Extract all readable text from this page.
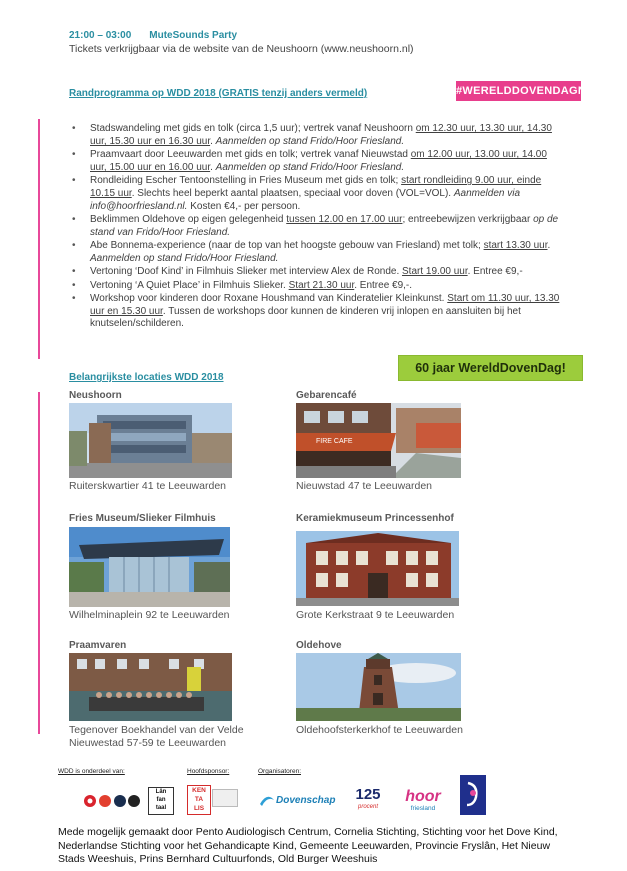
21:00 – 03:00 MuteSounds Party
Tickets verkrijgbaar via de website van de Neushoorn (www.neushoorn.nl)
#WERELDDOVENDAGNL
Randprogramma op WDD 2018 (GRATIS tenzij anders vermeld)
• Stadswandeling met gids en tolk (circa 1,5 uur); vertrek vanaf Neushoorn om 12.30 uur, 13.30 uur, 14.30 uur, 15.30 uur en 16.30 uur. Aanmelden op stand Frido/Hoor Friesland.
• Praamvaart door Leeuwarden met gids en tolk; vertrek vanaf Nieuwstad om 12.00 uur, 13.00 uur, 14.00 uur, 15.00 uur en 16.00 uur. Aanmelden op stand Frido/Hoor Friesland.
• Rondleiding Escher Tentoonstelling in Fries Museum met gids en tolk; start rondleiding 9.00 uur, einde 10.15 uur. Slechts heel beperkt aantal plaatsen, speciaal voor doven (VOL=VOL). Aanmelden via info@hoorfriesland.nl. Kosten €4,- per persoon.
• Beklimmen Oldehove op eigen gelegenheid tussen 12.00 en 17.00 uur; entreebewijzen verkrijgbaar op de stand van Frido/Hoor Friesland.
• Abe Bonnema-experience (naar de top van het hoogste gebouw van Friesland) met tolk; start 13.30 uur. Aanmelden op stand Frido/Hoor Friesland.
• Vertoning ‘Doof Kind’ in Filmhuis Slieker met interview Alex de Ronde. Start 19.00 uur. Entree €9,-
• Vertoning ‘A Quiet Place’ in Filmhuis Slieker. Start 21.30 uur. Entree €9,-.
• Workshop voor kinderen door Roxane Houshmand van Kinderatelier Kleinkunst. Start om 11.30 uur, 13.30 uur en 15.30 uur. Tussen de workshops door kunnen de kinderen vrij inlopen en aansluiten bij het knutselen/schilderen.
60 jaar WereldDovenDag!
Belangrijkste locaties WDD 2018
Neushoorn
Ruiterskwartier 41 te Leeuwarden
Gebarencafé
FIRE CAFE
Nieuwstad 47 te Leeuwarden
Fries Museum/Slieker Filmhuis
Wilhelminaplein 92 te Leeuwarden
Keramiekmuseum Princessenhof
Grote Kerkstraat 9 te Leeuwarden
Praamvaren
Tegenover Boekhandel van der Velde Nieuwestad 57-59 te Leeuwarden
Oldehove
Oldehoofsterkerkhof te Leeuwarden
WDD is onderdeel van:	Hoofdsponsor:	Organisatoren:
Lân
fan
taal
KEN
TA
LIS
Dovenschap	125
procent
hoor
friesland
Mede mogelijk gemaakt door Pento Audiologisch Centrum, Cornelia Stichting, Stichting voor het Dove Kind, Nederlandse Stichting voor het Gehandicapte Kind, Gemeente Leeuwarden, Provincie Fryslân, Het Nieuw Stads Weeshuis, Prins Bernhard Cultuurfonds, Old Burger Weeshuis
